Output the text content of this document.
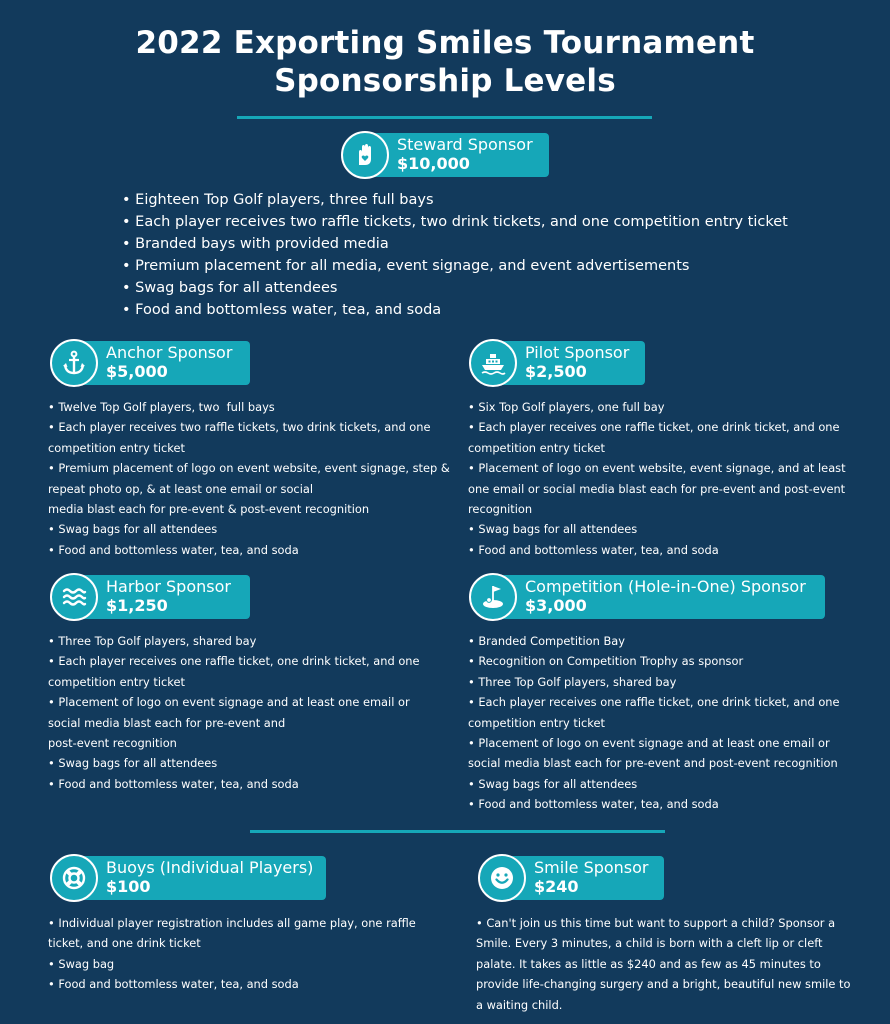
2022 Exporting Smiles Tournament
Sponsorship Levels
Steward Sponsor
$10,000
• Eighteen Top Golf players, three full bays
• Each player receives two raffle tickets, two drink tickets, and one competition entry ticket
• Branded bays with provided media
• Premium placement for all media, event signage, and event advertisements
• Swag bags for all attendees
• Food and bottomless water, tea, and soda
Anchor Sponsor
$5,000
• Twelve Top Golf players, two  full bays
• Each player receives two raffle tickets, two drink tickets, and one
competition entry ticket
• Premium placement of logo on event website, event signage, step &
repeat photo op, & at least one email or social
media blast each for pre-event & post-event recognition
• Swag bags for all attendees
• Food and bottomless water, tea, and soda
Pilot Sponsor
$2,500
• Six Top Golf players, one full bay
• Each player receives one raffle ticket, one drink ticket, and one
competition entry ticket
• Placement of logo on event website, event signage, and at least
one email or social media blast each for pre-event and post-event
recognition
• Swag bags for all attendees
• Food and bottomless water, tea, and soda
Harbor Sponsor
$1,250
• Three Top Golf players, shared bay
• Each player receives one raffle ticket, one drink ticket, and one
competition entry ticket
• Placement of logo on event signage and at least one email or
social media blast each for pre-event and
post-event recognition
• Swag bags for all attendees
• Food and bottomless water, tea, and soda
Competition (Hole-in-One) Sponsor
$3,000
• Branded Competition Bay
• Recognition on Competition Trophy as sponsor
• Three Top Golf players, shared bay
• Each player receives one raffle ticket, one drink ticket, and one
competition entry ticket
• Placement of logo on event signage and at least one email or
social media blast each for pre-event and post-event recognition
• Swag bags for all attendees
• Food and bottomless water, tea, and soda
Buoys (Individual Players)
$100
• Individual player registration includes all game play, one raffle
ticket, and one drink ticket
• Swag bag
• Food and bottomless water, tea, and soda
Smile Sponsor
$240
• Can't join us this time but want to support a child? Sponsor a
Smile. Every 3 minutes, a child is born with a cleft lip or cleft
palate. It takes as little as $240 and as few as 45 minutes to
provide life-changing surgery and a bright, beautiful new smile to
a waiting child.
